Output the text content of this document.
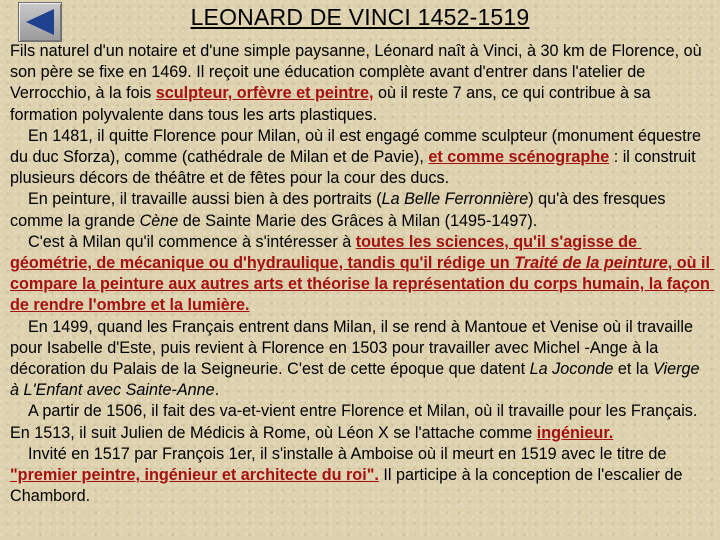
LEONARD DE VINCI 1452-1519

Fils naturel d'un notaire et d'une simple paysanne, Léonard naît à Vinci, à 30 km de Florence, où son père se fixe en 1469. Il reçoit une éducation complète avant d'entrer dans l'atelier de Verrocchio, à la fois sculpteur, orfèvre et peintre, où il reste 7 ans, ce qui contribue à sa formation polyvalente dans tous les arts plastiques.

En 1481, il quitte Florence pour Milan, où il est engagé comme sculpteur (monument équestre du duc Sforza), comme (cathédrale de Milan et de Pavie), et comme scénographe : il construit plusieurs décors de théâtre et de fêtes pour la cour des ducs.

En peinture, il travaille aussi bien à des portraits (La Belle Ferronnière) qu'à des fresques comme la grande Cène de Sainte Marie des Grâces à Milan (1495-1497).

C'est à Milan qu'il commence à s'intéresser à toutes les sciences, qu'il s'agisse de géométrie, de mécanique ou d'hydraulique, tandis qu'il rédige un Traité de la peinture, où il compare la peinture aux autres arts et théorise la représentation du corps humain, la façon de rendre l'ombre et la lumière.

En 1499, quand les Français entrent dans Milan, il se rend à Mantoue et Venise où il travaille pour Isabelle d'Este, puis revient à Florence en 1503 pour travailler avec Michel -Ange à la décoration du Palais de la Seigneurie. C'est de cette époque que datent La Joconde et la Vierge à L'Enfant avec Sainte-Anne.

A partir de 1506, il fait des va-et-vient entre Florence et Milan, où il travaille pour les Français. En 1513, il suit Julien de Médicis à Rome, où Léon X se l'attache comme ingénieur.

Invité en 1517 par François 1er, il s'installe à Amboise où il meurt en 1519 avec le titre de "premier peintre, ingénieur et architecte du roi". Il participe à la conception de l'escalier de Chambord.
